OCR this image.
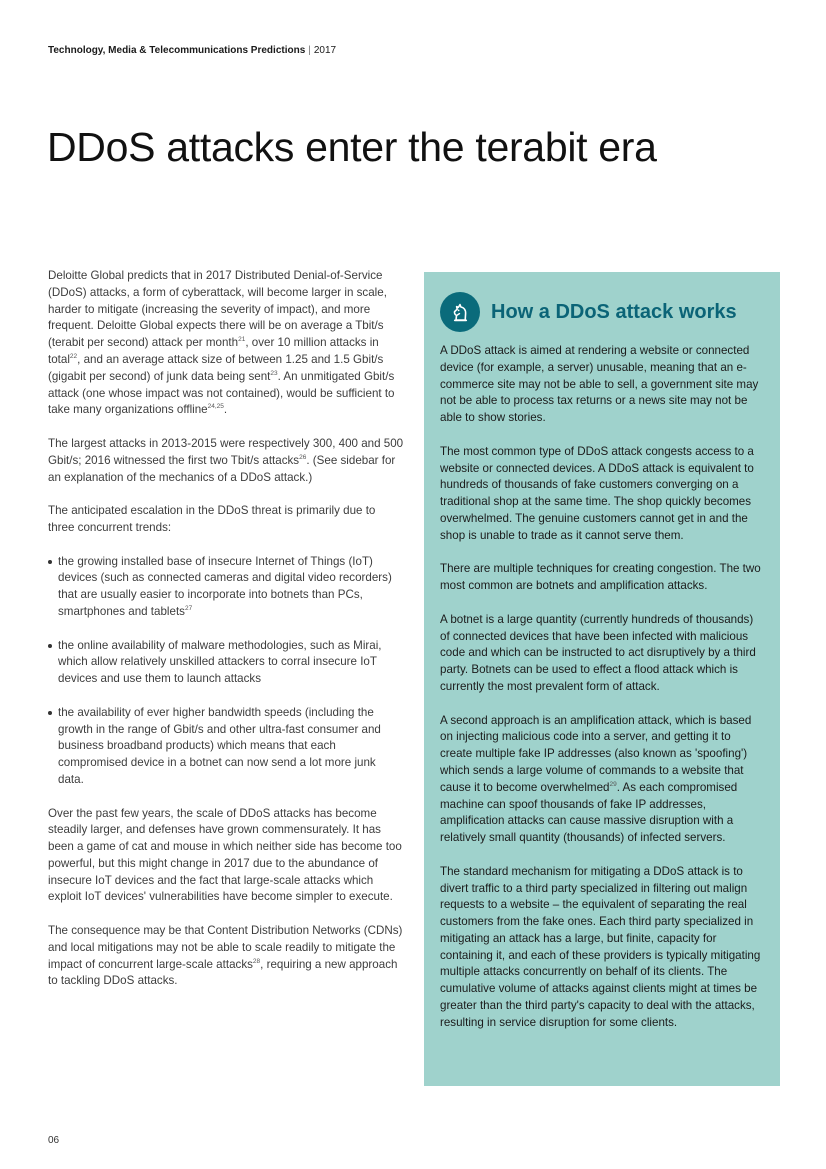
Technology, Media & Telecommunications Predictions | 2017
DDoS attacks enter the terabit era

Deloitte Global predicts that in 2017 Distributed Denial-of-Service (DDoS) attacks, a form of cyberattack, will become larger in scale, harder to mitigate (increasing the severity of impact), and more frequent. Deloitte Global expects there will be on average a Tbit/s (terabit per second) attack per month$^{21}$, over 10 million attacks in total$^{22}$, and an average attack size of between 1.25 and 1.5 Gbit/s (gigabit per second) of junk data being sent$^{23}$. An unmitigated Gbit/s attack (one whose impact was not contained), would be sufficient to take many organizations offline$^{24,25}$.

The largest attacks in 2013-2015 were respectively 300, 400 and 500 Gbit/s; 2016 witnessed the first two Tbit/s attacks$^{26}$. (See sidebar for an explanation of the mechanics of a DDoS attack.)

The anticipated escalation in the DDoS threat is primarily due to three concurrent trends:

the growing installed base of insecure Internet of Things (IoT) devices (such as connected cameras and digital video recorders) that are usually easier to incorporate into botnets than PCs, smartphones and tablets$^{27}$
the online availability of malware methodologies, such as Mirai, which allow relatively unskilled attackers to corral insecure IoT devices and use them to launch attacks
the availability of ever higher bandwidth speeds (including the growth in the range of Gbit/s and other ultra-fast consumer and business broadband products) which means that each compromised device in a botnet can now send a lot more junk data.

Over the past few years, the scale of DDoS attacks has become steadily larger, and defenses have grown commensurately. It has been a game of cat and mouse in which neither side has become too powerful, but this might change in 2017 due to the abundance of insecure IoT devices and the fact that large-scale attacks which exploit IoT devices' vulnerabilities have become simpler to execute.

The consequence may be that Content Distribution Networks (CDNs) and local mitigations may not be able to scale readily to mitigate the impact of concurrent large-scale attacks$^{28}$, requiring a new approach to tackling DDoS attacks.

How a DDoS attack works

A DDoS attack is aimed at rendering a website or connected device (for example, a server) unusable, meaning that an e-commerce site may not be able to sell, a government site may not be able to process tax returns or a news site may not be able to show stories.

The most common type of DDoS attack congests access to a website or connected devices. A DDoS attack is equivalent to hundreds of thousands of fake customers converging on a traditional shop at the same time. The shop quickly becomes overwhelmed. The genuine customers cannot get in and the shop is unable to trade as it cannot serve them.

There are multiple techniques for creating congestion. The two most common are botnets and amplification attacks.

A botnet is a large quantity (currently hundreds of thousands) of connected devices that have been infected with malicious code and which can be instructed to act disruptively by a third party. Botnets can be used to effect a flood attack which is currently the most prevalent form of attack.

A second approach is an amplification attack, which is based on injecting malicious code into a server, and getting it to create multiple fake IP addresses (also known as 'spoofing') which sends a large volume of commands to a website that cause it to become overwhelmed$^{29}$. As each compromised machine can spoof thousands of fake IP addresses, amplification attacks can cause massive disruption with a relatively small quantity (thousands) of infected servers.

The standard mechanism for mitigating a DDoS attack is to divert traffic to a third party specialized in filtering out malign requests to a website – the equivalent of separating the real customers from the fake ones. Each third party specialized in mitigating an attack has a large, but finite, capacity for containing it, and each of these providers is typically mitigating multiple attacks concurrently on behalf of its clients. The cumulative volume of attacks against clients might at times be greater than the third party's capacity to deal with the attacks, resulting in service disruption for some clients.

06
